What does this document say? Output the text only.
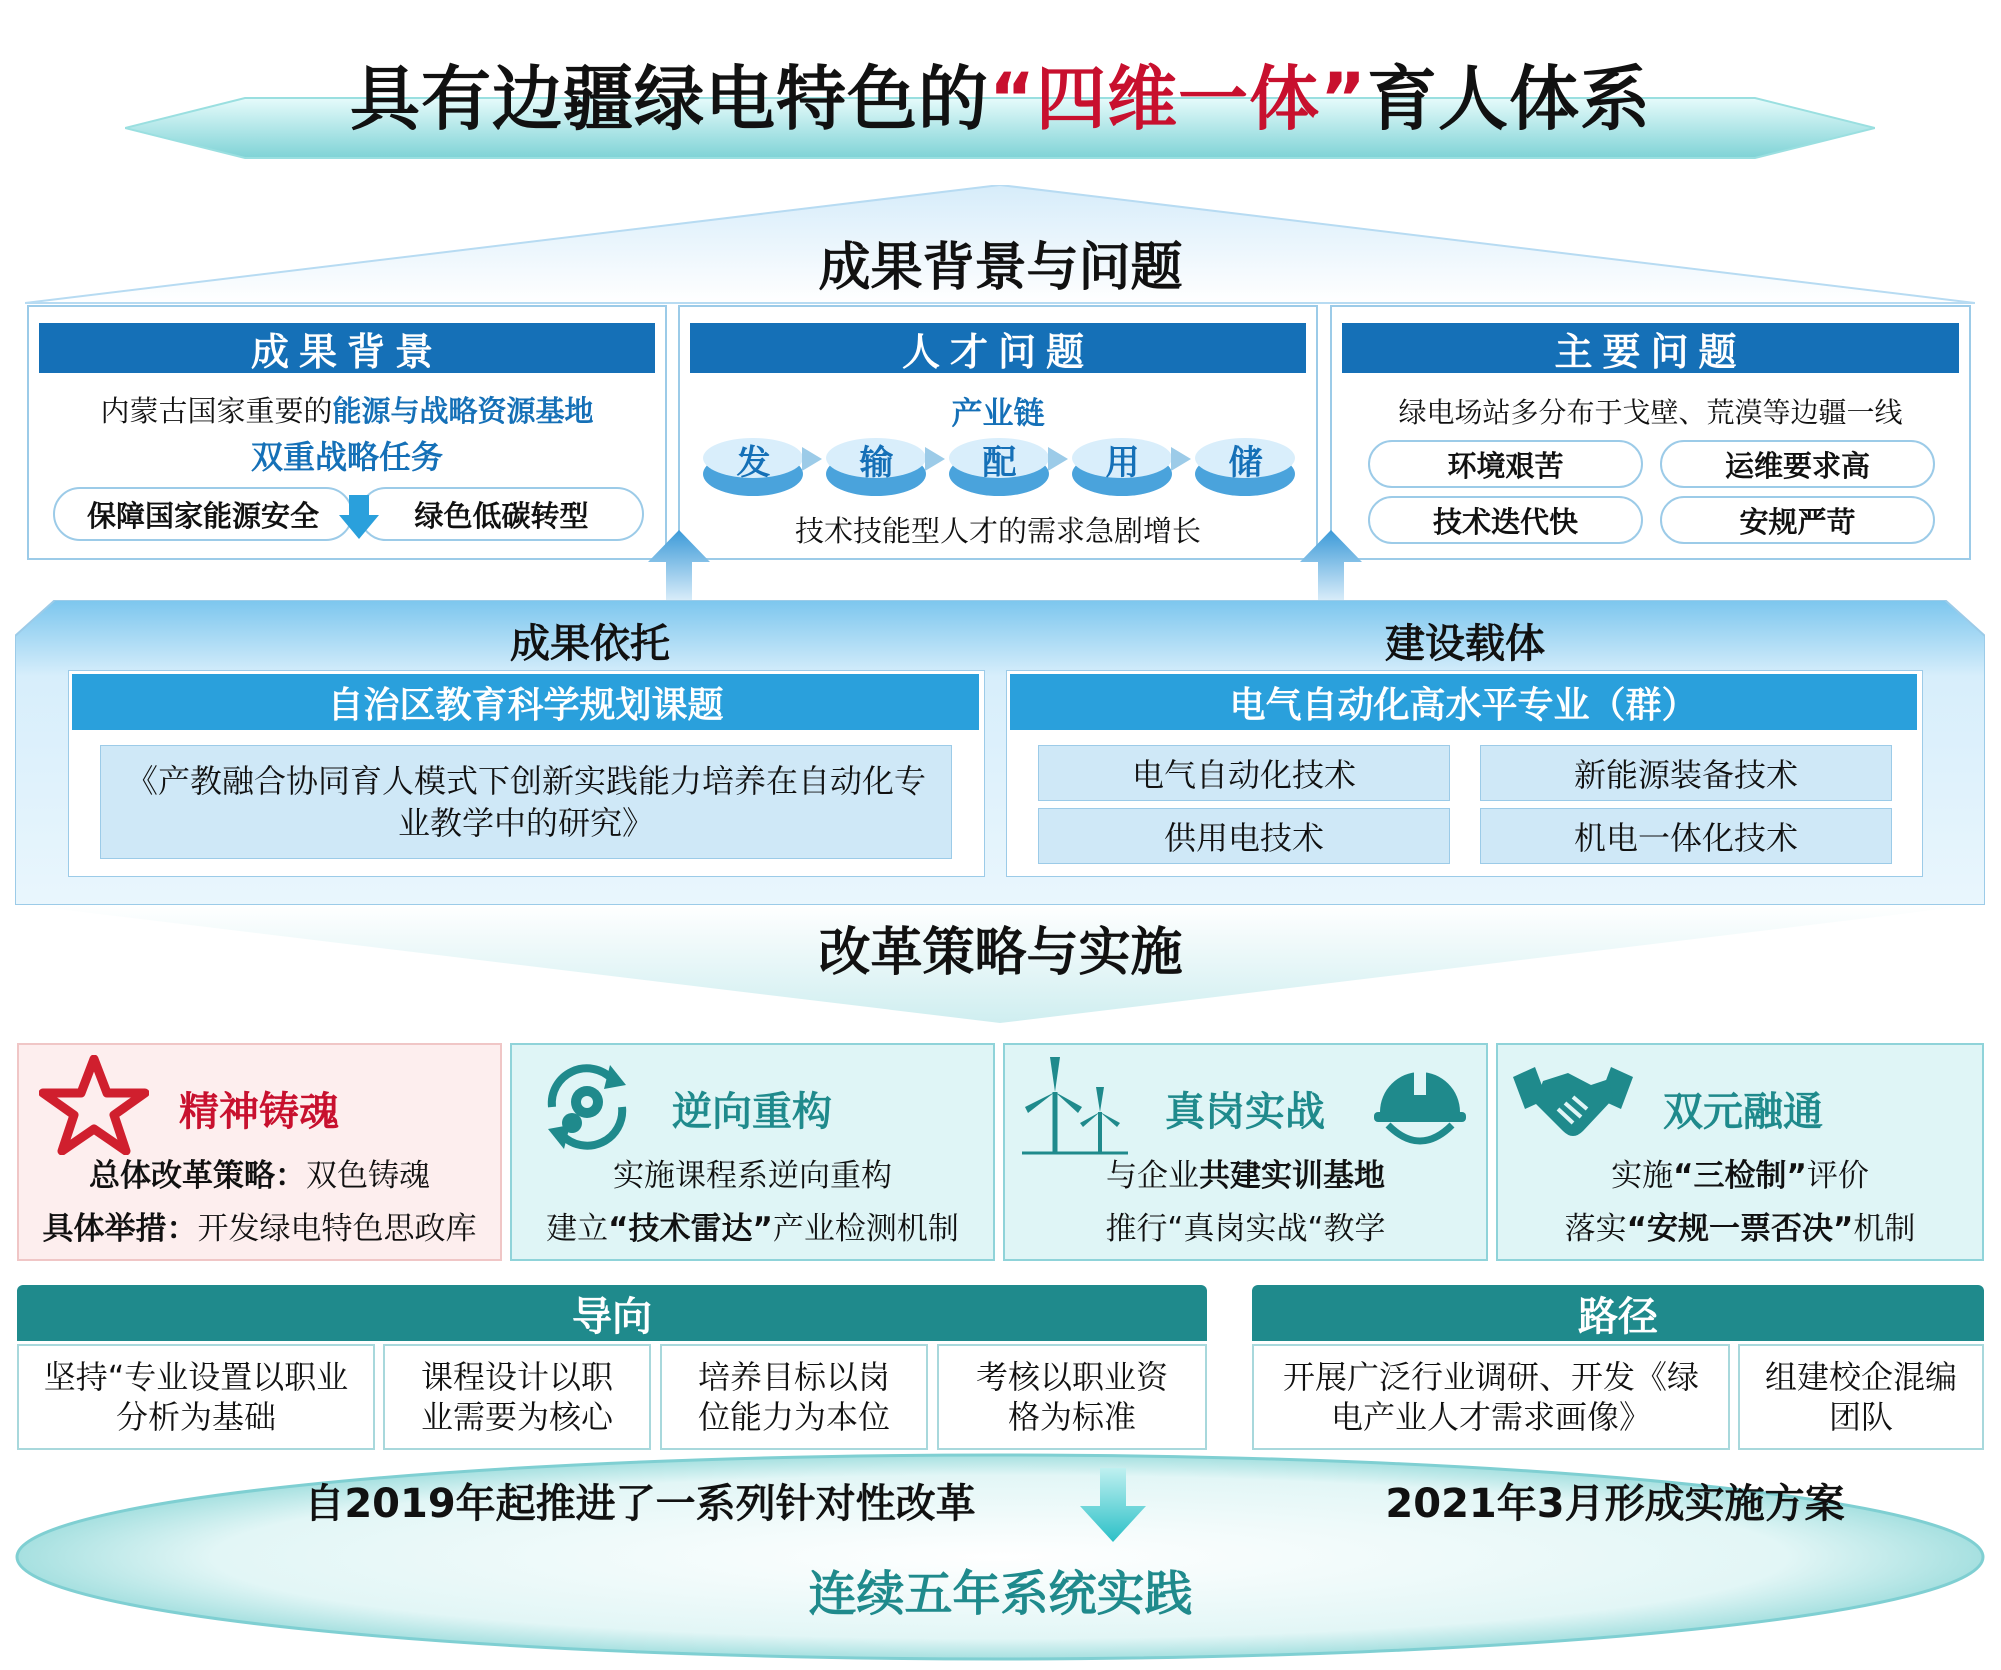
具有边疆绿电特色的 “四维一体” 育人体系
成果背景与问题
成果背景
内蒙古国家重要的 能源与战略资源基地
双重战略任务
保障国家能源安全	绿色低碳转型
人才问题
产业链
发	输	配	用	储
技术技能型人才的需求急剧增长
主要问题
绿电场站多分布于戈壁、荒漠等边疆一线
环境艰苦	运维要求高
技术迭代快	安规严苛
成果依托	建设载体
自治区教育科学规划课题
《产教融合协同育人模式下创新实践能力培养在自动化专业教学中的研究》
电气自动化高水平专业（群）
电气自动化技术	新能源装备技术
供用电技术	机电一体化技术
改革策略与实施
精神铸魂
总体改革策略：双色铸魂
具体举措：开发绿电特色思政库
逆向重构
实施课程系逆向重构
建立“技术雷达”产业检测机制
真岗实战
与企业共建实训基地
推行“真岗实战“教学
双元融通
实施“三检制”评价
落实“安规一票否决”机制
导向
坚持“专业设置以职业分析为基础
课程设计以职业需要为核心
培养目标以岗位能力为本位
考核以职业资格为标准
路径
开展广泛行业调研、开发《绿电产业人才需求画像》
组建校企混编团队
自2019年起推进了一系列针对性改革	2021年3月形成实施方案
连续五年系统实践
